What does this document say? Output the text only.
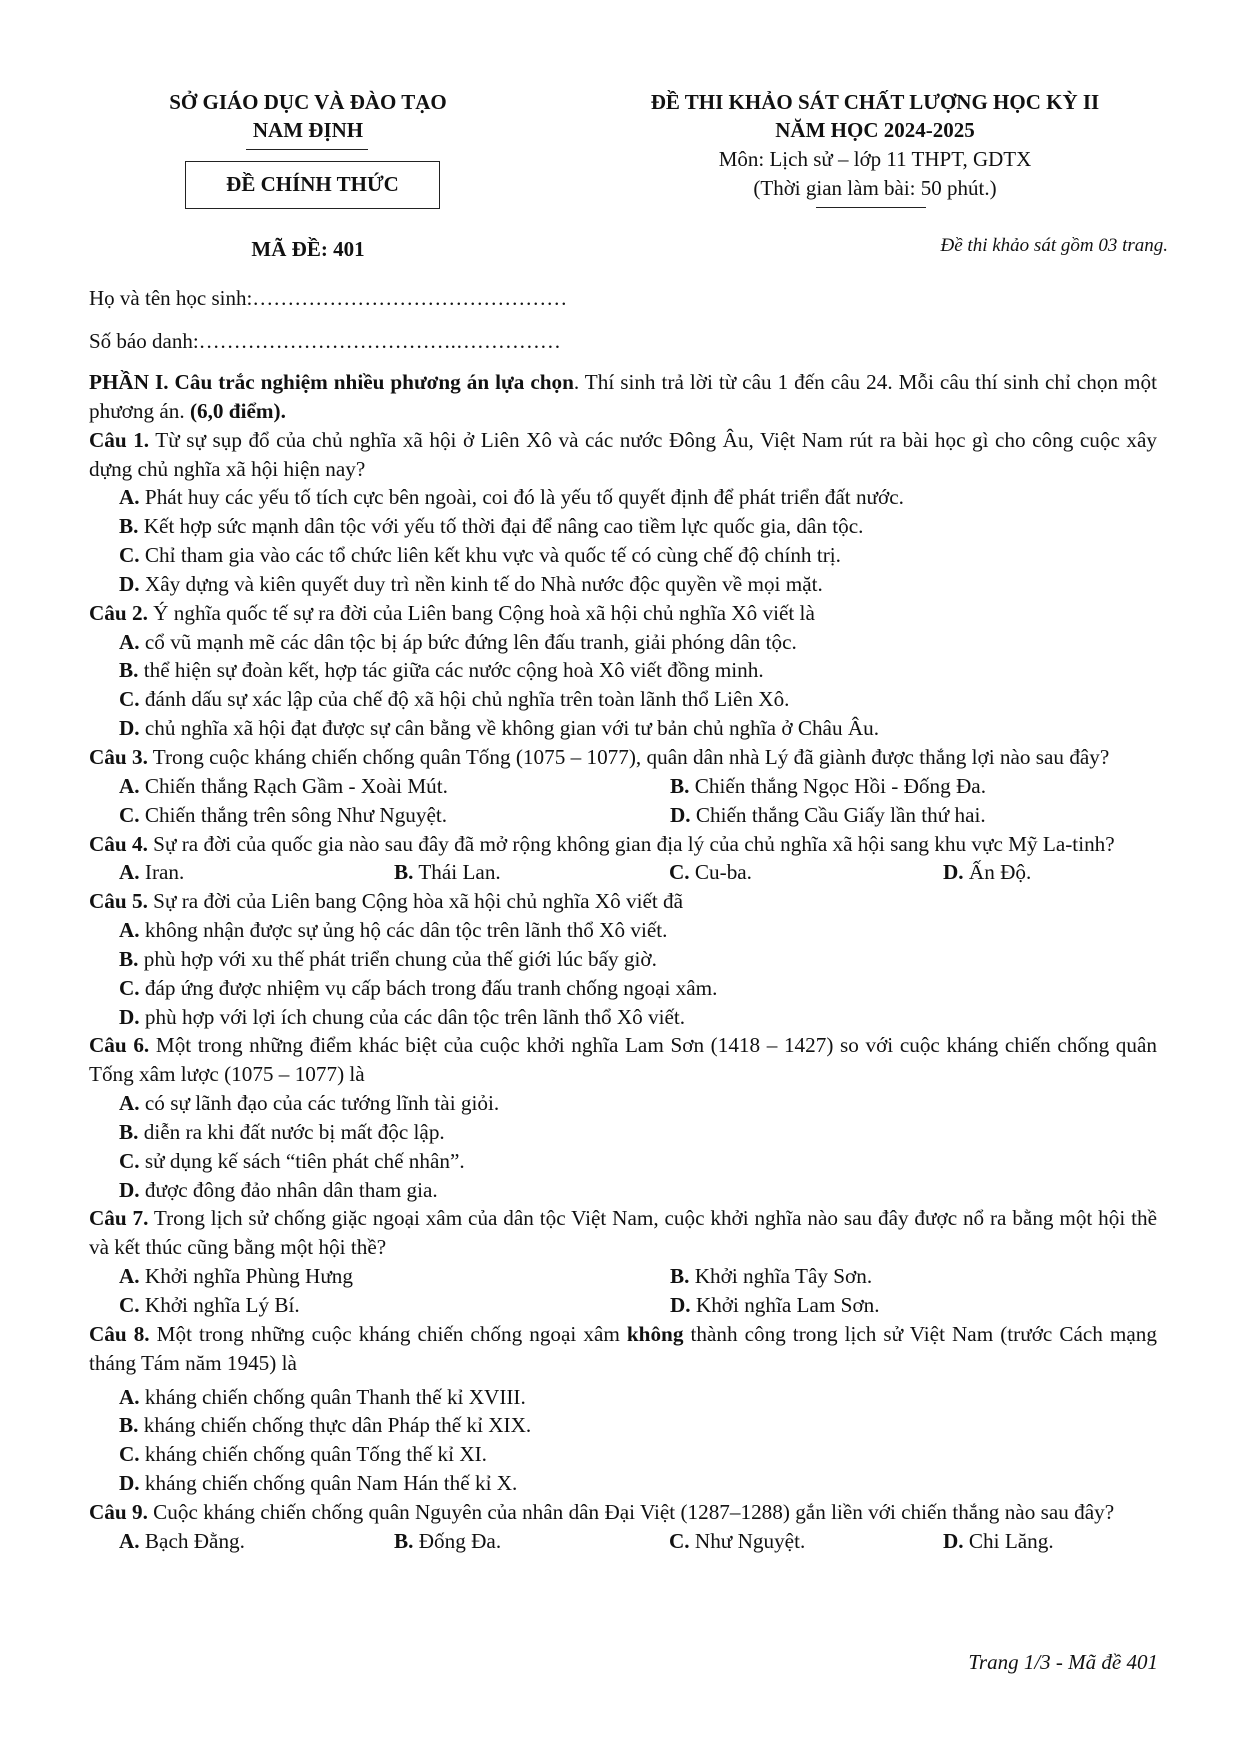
SỞ GIÁO DỤC VÀ ĐÀO TẠO
NAM ĐỊNH
ĐỀ CHÍNH THỨC
MÃ ĐỀ: 401
ĐỀ THI KHẢO SÁT CHẤT LƯỢNG HỌC KỲ II
NĂM HỌC 2024-2025
Môn: Lịch sử – lớp 11 THPT, GDTX
(Thời gian làm bài: 50 phút.)
Đề thi khảo sát gồm 03 trang.
Họ và tên học sinh:………………………………………
Số báo danh:……………………………….……………

PHẦN I. Câu trắc nghiệm nhiều phương án lựa chọn. Thí sinh trả lời từ câu 1 đến câu 24. Mỗi câu thí sinh chỉ chọn một phương án. (6,0 điểm).

Câu 1. Từ sự sụp đổ của chủ nghĩa xã hội ở Liên Xô và các nước Đông Âu, Việt Nam rút ra bài học gì cho công cuộc xây dựng chủ nghĩa xã hội hiện nay?

A. Phát huy các yếu tố tích cực bên ngoài, coi đó là yếu tố quyết định để phát triển đất nước.
B. Kết hợp sức mạnh dân tộc với yếu tố thời đại để nâng cao tiềm lực quốc gia, dân tộc.
C. Chỉ tham gia vào các tổ chức liên kết khu vực và quốc tế có cùng chế độ chính trị.
D. Xây dựng và kiên quyết duy trì nền kinh tế do Nhà nước độc quyền về mọi mặt.

Câu 2. Ý nghĩa quốc tế sự ra đời của Liên bang Cộng hoà xã hội chủ nghĩa Xô viết là

A. cổ vũ mạnh mẽ các dân tộc bị áp bức đứng lên đấu tranh, giải phóng dân tộc.
B. thể hiện sự đoàn kết, hợp tác giữa các nước cộng hoà Xô viết đồng minh.
C. đánh dấu sự xác lập của chế độ xã hội chủ nghĩa trên toàn lãnh thổ Liên Xô.
D. chủ nghĩa xã hội đạt được sự cân bằng về không gian với tư bản chủ nghĩa ở Châu Âu.

Câu 3. Trong cuộc kháng chiến chống quân Tống (1075 – 1077), quân dân nhà Lý đã giành được thắng lợi nào sau đây?

A. Chiến thắng Rạch Gầm - Xoài Mút.	B. Chiến thắng Ngọc Hồi - Đống Đa.
C. Chiến thắng trên sông Như Nguyệt.	D. Chiến thắng Cầu Giấy lần thứ hai.

Câu 4. Sự ra đời của quốc gia nào sau đây đã mở rộng không gian địa lý của chủ nghĩa xã hội sang khu vực Mỹ La-tinh?

A. Iran.	B. Thái Lan.	C. Cu-ba.	D. Ấn Độ.

Câu 5. Sự ra đời của Liên bang Cộng hòa xã hội chủ nghĩa Xô viết đã

A. không nhận được sự ủng hộ các dân tộc trên lãnh thổ Xô viết.
B. phù hợp với xu thế phát triển chung của thế giới lúc bấy giờ.
C. đáp ứng được nhiệm vụ cấp bách trong đấu tranh chống ngoại xâm.
D. phù hợp với lợi ích chung của các dân tộc trên lãnh thổ Xô viết.

Câu 6. Một trong những điểm khác biệt của cuộc khởi nghĩa Lam Sơn (1418 – 1427) so với cuộc kháng chiến chống quân Tống xâm lược (1075 – 1077) là

A. có sự lãnh đạo của các tướng lĩnh tài giỏi.
B. diễn ra khi đất nước bị mất độc lập.
C. sử dụng kế sách “tiên phát chế nhân”.
D. được đông đảo nhân dân tham gia.

Câu 7. Trong lịch sử chống giặc ngoại xâm của dân tộc Việt Nam, cuộc khởi nghĩa nào sau đây được nổ ra bằng một hội thề và kết thúc cũng bằng một hội thề?

A. Khởi nghĩa Phùng Hưng	B. Khởi nghĩa Tây Sơn.
C. Khởi nghĩa Lý Bí.	D. Khởi nghĩa Lam Sơn.

Câu 8. Một trong những cuộc kháng chiến chống ngoại xâm không thành công trong lịch sử Việt Nam (trước Cách mạng tháng Tám năm 1945) là

A. kháng chiến chống quân Thanh thế kỉ XVIII.
B. kháng chiến chống thực dân Pháp thế kỉ XIX.
C. kháng chiến chống quân Tống thế kỉ XI.
D. kháng chiến chống quân Nam Hán thế kỉ X.

Câu 9. Cuộc kháng chiến chống quân Nguyên của nhân dân Đại Việt (1287–1288) gắn liền với chiến thắng nào sau đây?

A. Bạch Đằng.	B. Đống Đa.	C. Như Nguyệt.	D. Chi Lăng.
Trang 1/3 - Mã đề 401
